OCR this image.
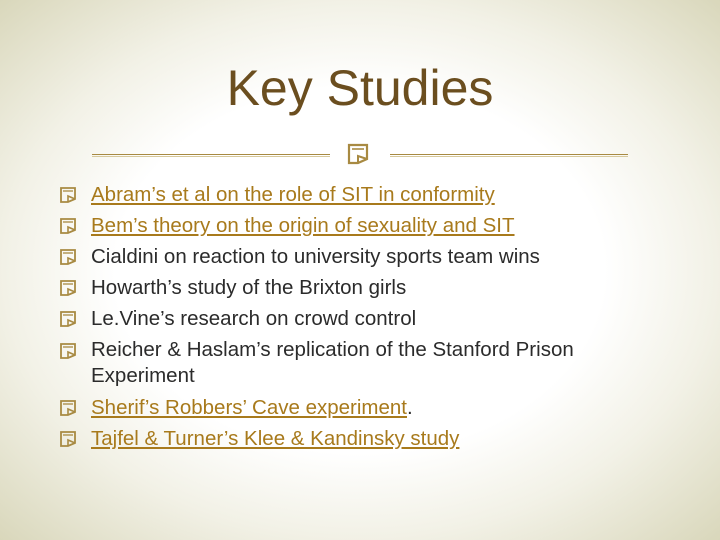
Key Studies
Abram’s et al on the role of SIT in conformity
Bem’s theory on the origin of sexuality and SIT
Cialdini on reaction to university sports team wins
Howarth’s study of the Brixton girls
Le.Vine’s research on crowd control
Reicher & Haslam’s replication of the Stanford Prison Experiment
Sherif’s Robbers’ Cave experiment.
Tajfel & Turner’s Klee & Kandinsky study
